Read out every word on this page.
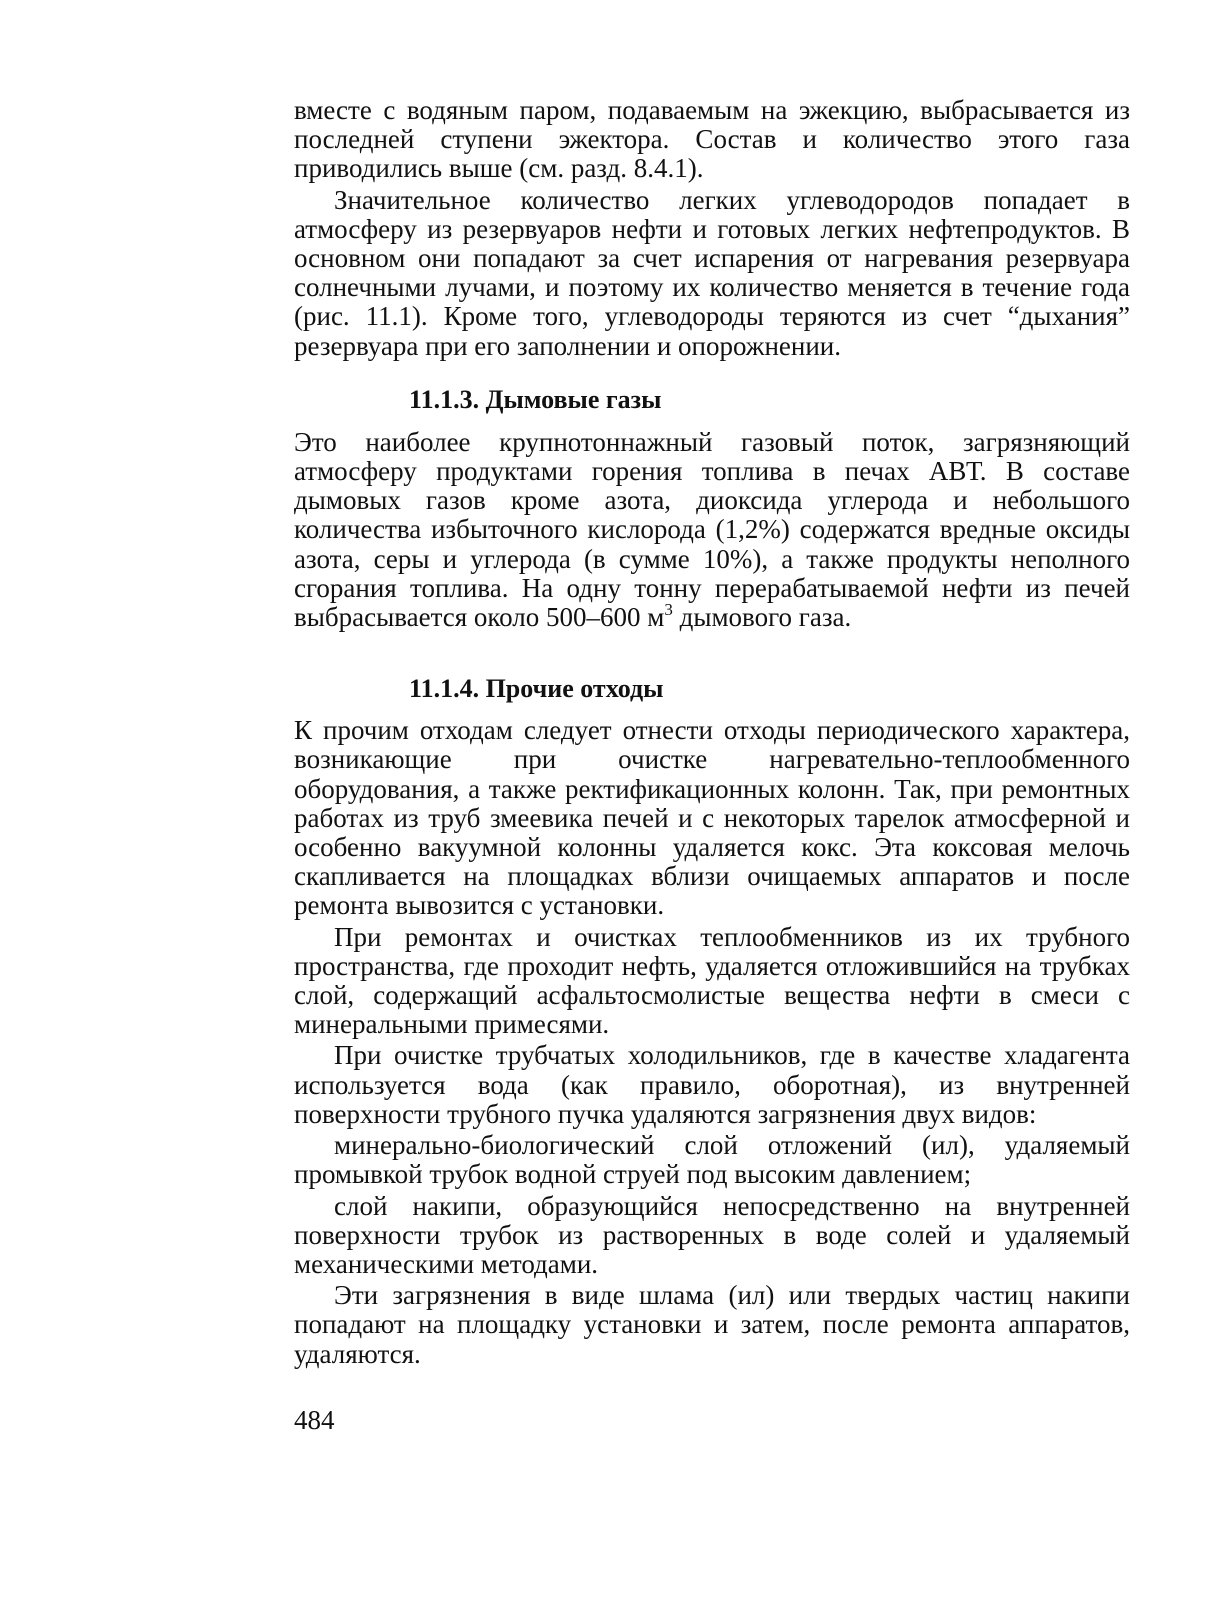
вместе с водяным паром, подаваемым на эжекцию, выбрасывается из последней ступени эжектора. Состав и количество этого газа приводились выше (см. разд. 8.4.1).

Значительное количество легких углеводородов попадает в атмосферу из резервуаров нефти и готовых легких нефтепродуктов. В основном они попадают за счет испарения от нагревания резервуара солнечными лучами, и поэтому их количество меняется в течение года (рис. 11.1). Кроме того, углеводороды теряются из счет “дыхания” резервуара при его заполнении и опорожнении.

11.1.3. Дымовые газы

Это наиболее крупнотоннажный газовый поток, загрязняющий атмосферу продуктами горения топлива в печах АВТ. В составе дымовых газов кроме азота, диоксида углерода и небольшого количества избыточного кислорода (1,2%) содержатся вредные оксиды азота, серы и углерода (в сумме 10%), а также продукты неполного сгорания топлива. На одну тонну перерабатываемой нефти из печей выбрасывается около 500–600 $м^3$ дымового газа.

11.1.4. Прочие отходы

К прочим отходам следует отнести отходы периодического характера, возникающие при очистке нагревательно-теплообменного оборудования, а также ректификационных колонн. Так, при ремонтных работах из труб змеевика печей и с некоторых тарелок атмосферной и особенно вакуумной колонны удаляется кокс. Эта коксовая мелочь скапливается на площадках вблизи очищаемых аппаратов и после ремонта вывозится с установки.

При ремонтах и очистках теплообменников из их трубного пространства, где проходит нефть, удаляется отложившийся на трубках слой, содержащий асфальтосмолистые вещества нефти в смеси с минеральными примесями.

При очистке трубчатых холодильников, где в качестве хладагента используется вода (как правило, оборотная), из внутренней поверхности трубного пучка удаляются загрязнения двух видов:

минерально-биологический слой отложений (ил), удаляемый промывкой трубок водной струей под высоким давлением;

слой накипи, образующийся непосредственно на внутренней поверхности трубок из растворенных в воде солей и удаляемый механическими методами.

Эти загрязнения в виде шлама (ил) или твердых частиц накипи попадают на площадку установки и затем, после ремонта аппаратов, удаляются.

484
